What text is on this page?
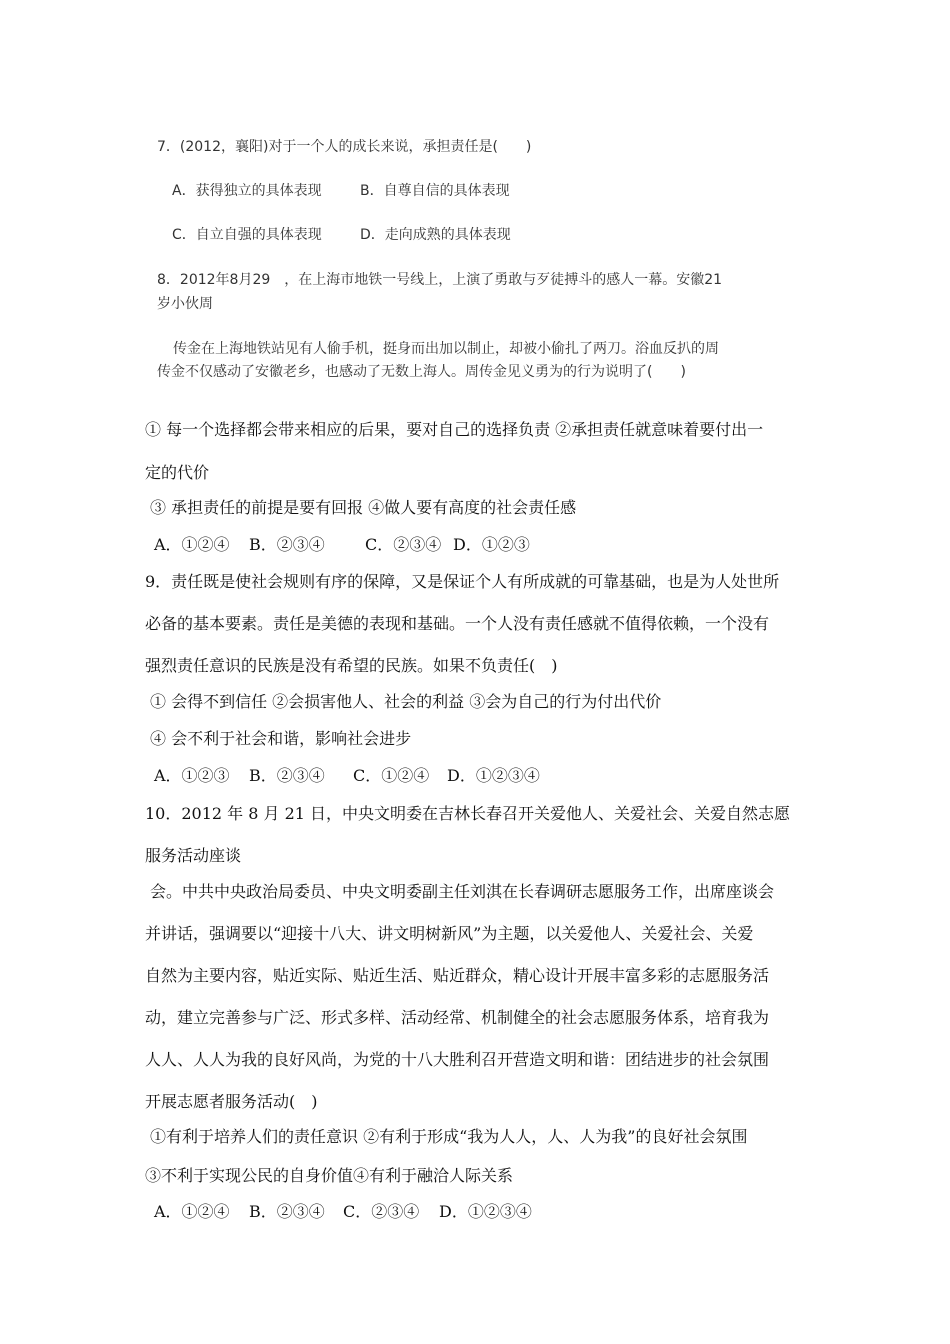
7．(2012，襄阳)对于一个人的成长来说，承担责任是(　　)
A．获得独立的具体表现	B．自尊自信的具体表现
C．自立自强的具体表现	D．走向成熟的具体表现
8．2012年8月29　，在上海市地铁一号线上，上演了勇敢与歹徒搏斗的感人一幕。安徽21
岁小伙周
传金在上海地铁站见有人偷手机，挺身而出加以制止，却被小偷扎了两刀。浴血反扒的周
传金不仅感动了安徽老乡，也感动了无数上海人。周传金见义勇为的行为说明了(　　)
① 每一个选择都会带来相应的后果，要对自己的选择负责 ②承担责任就意味着要付出一
定的代价
③ 承担责任的前提是要有回报 ④做人要有高度的社会责任感
A．①②④ B．②③④	C．②③④ D．①②③
9．责任既是使社会规则有序的保障，又是保证个人有所成就的可靠基础，也是为人处世所
必备的基本要素。责任是美德的表现和基础。一个人没有责任感就不值得依赖，一个没有
强烈责任意识的民族是没有希望的民族。如果不负责任(　)
① 会得不到信任 ②会损害他人、社会的利益 ③会为自己的行为付出代价
④ 会不利于社会和谐，影响社会进步
A．①②③ B．②③④ C．①②④ D．①②③④
10．2012 年 8 月 21 日，中央文明委在吉林长春召开关爱他人、关爱社会、关爱自然志愿
服务活动座谈
会。中共中央政治局委员、中央文明委副主任刘淇在长春调研志愿服务工作，出席座谈会
并讲话，强调要以“迎接十八大、讲文明树新风”为主题，以关爱他人、关爱社会、关爱
自然为主要内容，贴近实际、贴近生活、贴近群众，精心设计开展丰富多彩的志愿服务活
动，建立完善参与广泛、形式多样、活动经常、机制健全的社会志愿服务体系，培育我为
人人、人人为我的良好风尚，为党的十八大胜利召开营造文明和谐：团结进步的社会氛围
开展志愿者服务活动(　)
①有利于培养人们的责任意识 ②有利于形成“我为人人，人、人为我”的良好社会氛围
③不利于实现公民的自身价值④有利于融洽人际关系
A．①②④ B．②③④ C．②③④ D．①②③④
